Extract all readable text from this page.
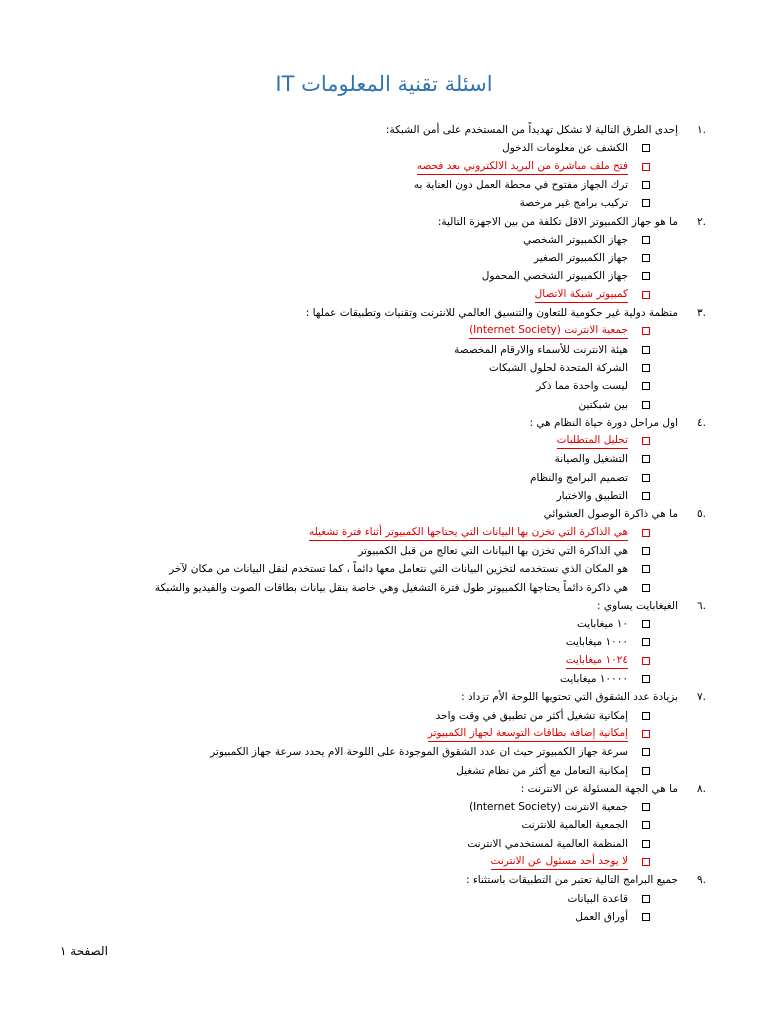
اسئلة تقنية المعلومات IT
١.
إحدى الطرق التالية لا تشكل تهديداً من المستخدم على أمن الشبكة:
الكشف عن معلومات الدخول
فتح ملف مباشرة من البريد الالكتروني بعد فحصه
ترك الجهاز مفتوح في محطة العمل دون العناية به
تركيب برامج غير مرخصة
٢.
ما هو جهاز الكمبيوتر الاقل تكلفة من بين الاجهزة التالية:
جهاز الكمبيوتر الشخصي
جهاز الكمبيوتر الصغير
جهاز الكمبيوتر الشخصي المحمول
كمبيوتر شبكة الاتصال
٣.
منظمة دولية غير حكومية للتعاون والتنسيق العالمي للانترنت وتقنيات وتطبيقات عملها :
جمعية الانترنت (Internet Society)
هيئة الانترنت للأسماء والارقام المخصصة
الشركة المتحدة لحلول الشبكات
ليست واحدة مما ذكر
بين شبكتين
٤.
اول مراحل دورة حياة النظام هي :
تحليل المتطلبات
التشغيل والصيانة
تصميم البرامج والنظام
التطبيق والاختبار
٥.
ما هي ذاكرة الوصول العشوائي
هي الذاكرة التي تخزن بها البيانات التي يحتاجها الكمبيوتر أثناء فترة تشغيله
هي الذاكرة التي تخزن بها البيانات التي تعالج من قبل الكمبيوتر
هو المكان الذي نستخدمه لتخزين البيانات التي نتعامل معها دائماً ، كما تستخدم لنقل البيانات من مكان لآخر
هي ذاكرة دائماً يحتاجها الكمبيوتر طول فترة التشغيل وهي خاصة بنقل بيانات بطاقات الصوت والفيديو والشبكة
٦.
الغيغابايت يساوي :
١٠ ميغابايت
١٠٠٠ ميغابايت
١٠٢٤ ميغابايت
١٠٠٠٠ ميغابايت
٧.
بزيادة عدد الشقوق التي تحتويها اللوحة الأم تزداد :
إمكانية تشغيل أكثر من تطبيق في وقت واحد
إمكانية إضافة بطاقات التوسعة لجهاز الكمبيوتر
سرعة جهاز الكمبيوتر حيث ان عدد الشقوق الموجودة على اللوحة الام يحدد سرعة جهاز الكمبيوتر
إمكانية التعامل مع أكثر من نظام تشغيل
٨.
ما هي الجهة المسئولة عن الانترنت :
جمعية الانترنت (Internet Society)
الجمعية العالمية للانترنت
المنظمة العالمية لمستخدمي الانترنت
لا يوجد أحد مسئول عن الانترنت
٩.
جميع البرامج التالية تعتبر من التطبيقات باستثناء :
قاعدة البيانات
أوراق العمل
الصفحة ١
